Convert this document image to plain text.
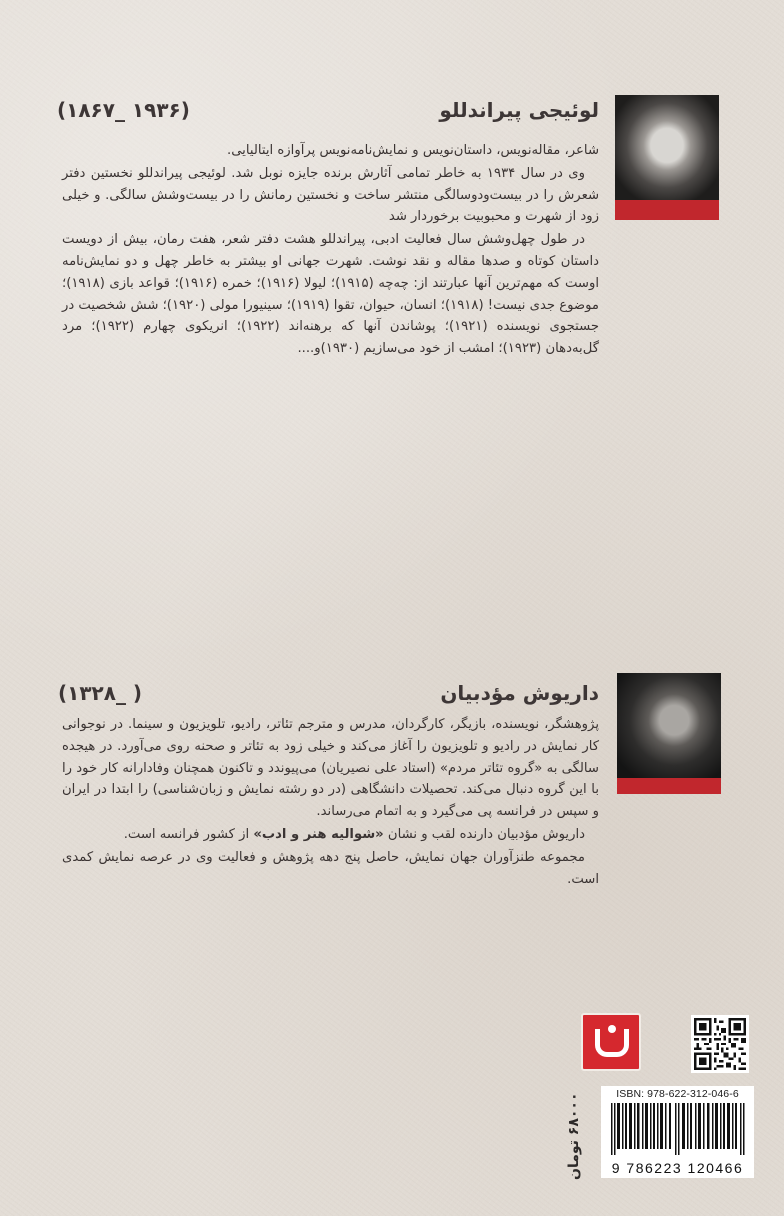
لوئیجی پیراندللو
(۱۸۶۷_ ۱۹۳۶)

شاعر، مقاله‌نویس، داستان‌نویس و نمایش‌نامه‌نویس پرآوازه ایتالیایی.

وی در سال ۱۹۳۴ به خاطر تمامی آثارش برنده جایزه نوبل شد. لوئیجی پیراندللو نخستین دفتر شعرش را در بیست‌ودوسالگی منتشر ساخت و نخستین رمانش را در بیست‌وشش سالگی. و خیلی زود از شهرت و محبوبیت برخوردار شد

در طول چهل‌وشش سال فعالیت ادبی، پیراندللو هشت دفتر شعر، هفت رمان، بیش از دویست داستان کوتاه و صدها مقاله و نقد نوشت. شهرت جهانی او بیشتر به خاطر چهل و دو نمایش‌نامه اوست که مهم‌ترین آنها عبارتند از: چه‌چه (۱۹۱۵)؛ لیولا (۱۹۱۶)؛ خمره (۱۹۱۶)؛ قواعد بازی (۱۹۱۸)؛ موضوع جدی نیست! (۱۹۱۸)؛ انسان، حیوان، تقوا (۱۹۱۹)؛ سینیورا مولی (۱۹۲۰)؛ شش شخصیت در جستجوی نویسنده (۱۹۲۱)؛ پوشاندن آنها که برهنه‌اند (۱۹۲۲)؛ انریکوی چهارم (۱۹۲۲)؛ مرد گل‌به‌دهان (۱۹۲۳)؛ امشب از خود می‌سازیم (۱۹۳۰)و....

داریوش مؤدبیان
(۱۳۲۸_ )

پژوهشگر، نویسنده، بازیگر، کارگردان، مدرس و مترجم تئاتر، رادیو، تلویزیون و سینما. در نوجوانی کار نمایش در رادیو و تلویزیون را آغاز می‌کند و خیلی زود به تئاتر و صحنه روی می‌آورد. در هیجده سالگی به «گروه تئاتر مردم» (استاد علی نصیریان) می‌پیوندد و تاکنون همچنان وفادارانه کار خود را با این گروه دنبال می‌کند. تحصیلات دانشگاهی (در دو رشته نمایش و زبان‌شناسی) را ابتدا در ایران و سپس در فرانسه پی می‌گیرد و به اتمام می‌رساند.

داریوش مؤدبیان دارنده لقب و نشان «شوالیه هنر و ادب» از کشور فرانسه است.

مجموعه طنزآوران جهان نمایش، حاصل پنج دهه پژوهش و فعالیت وی در عرصه نمایش کمدی است.

ISBN: 978-622-312-046-6
9 786223 120466
۶۸۰۰۰ تومان
